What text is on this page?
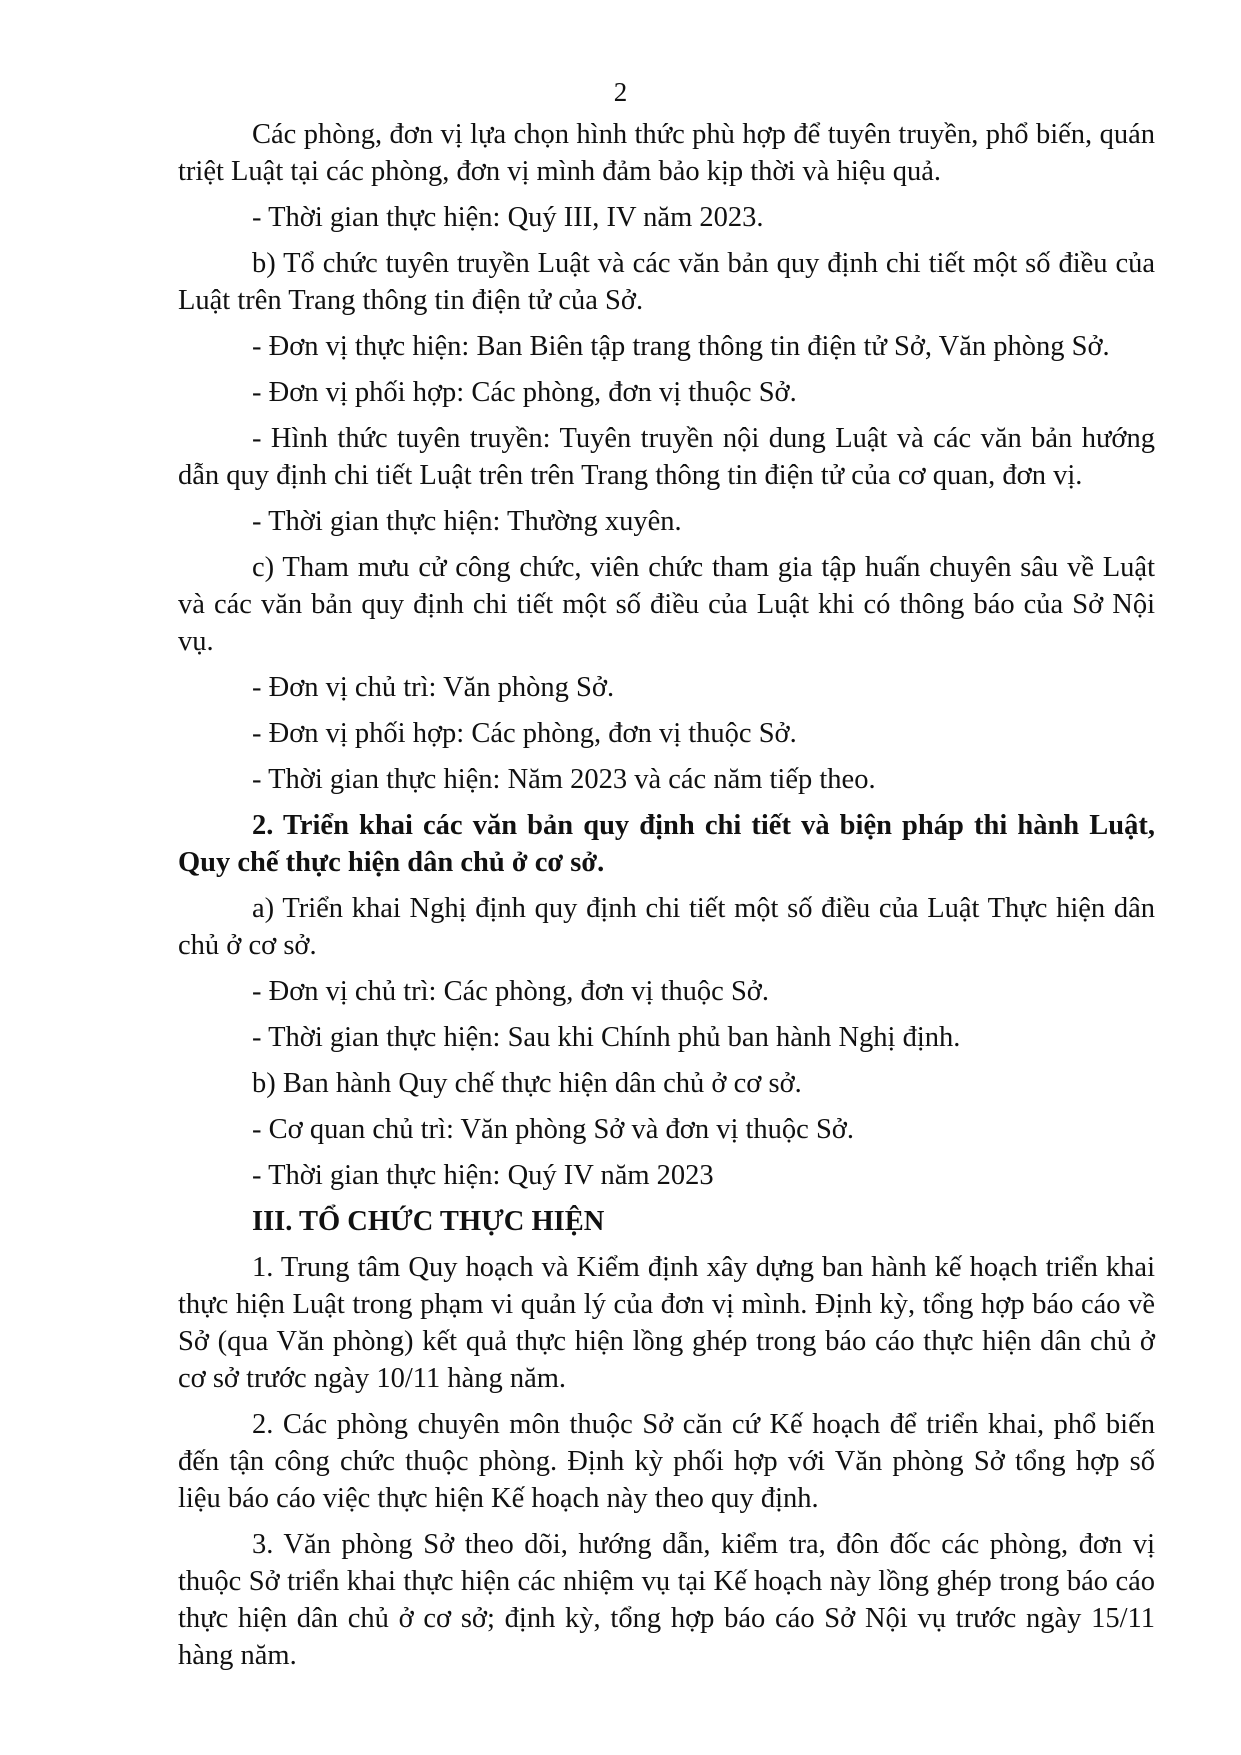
2

Các phòng, đơn vị lựa chọn hình thức phù hợp để tuyên truyền, phổ biến, quán triệt Luật tại các phòng, đơn vị mình đảm bảo kịp thời và hiệu quả.

- Thời gian thực hiện: Quý III, IV năm 2023.

b) Tổ chức tuyên truyền Luật và các văn bản quy định chi tiết một số điều của Luật trên Trang thông tin điện tử của Sở.

- Đơn vị thực hiện: Ban Biên tập trang thông tin điện tử Sở, Văn phòng Sở.

- Đơn vị phối hợp: Các phòng, đơn vị thuộc Sở.

- Hình thức tuyên truyền: Tuyên truyền nội dung Luật và các văn bản hướng dẫn quy định chi tiết Luật trên trên Trang thông tin điện tử của cơ quan, đơn vị.

- Thời gian thực hiện: Thường xuyên.

c) Tham mưu cử công chức, viên chức tham gia tập huấn chuyên sâu về Luật và các văn bản quy định chi tiết một số điều của Luật khi có thông báo của Sở Nội vụ.

- Đơn vị chủ trì: Văn phòng Sở.

- Đơn vị phối hợp: Các phòng, đơn vị thuộc Sở.

- Thời gian thực hiện: Năm 2023 và các năm tiếp theo.

2. Triển khai các văn bản quy định chi tiết và biện pháp thi hành Luật, Quy chế thực hiện dân chủ ở cơ sở.

a) Triển khai Nghị định quy định chi tiết một số điều của Luật Thực hiện dân chủ ở cơ sở.

- Đơn vị chủ trì: Các phòng, đơn vị thuộc Sở.

- Thời gian thực hiện: Sau khi Chính phủ ban hành Nghị định.

b) Ban hành Quy chế thực hiện dân chủ ở cơ sở.

- Cơ quan chủ trì: Văn phòng Sở và đơn vị thuộc Sở.

- Thời gian thực hiện: Quý IV năm 2023

III. TỔ CHỨC THỰC HIỆN

1. Trung tâm Quy hoạch và Kiểm định xây dựng ban hành kế hoạch triển khai thực hiện Luật trong phạm vi quản lý của đơn vị mình. Định kỳ, tổng hợp báo cáo về Sở (qua Văn phòng) kết quả thực hiện lồng ghép trong báo cáo thực hiện dân chủ ở cơ sở trước ngày 10/11 hàng năm.

2. Các phòng chuyên môn thuộc Sở căn cứ Kế hoạch để triển khai, phổ biến đến tận công chức thuộc phòng. Định kỳ phối hợp với Văn phòng Sở tổng hợp số liệu báo cáo việc thực hiện Kế hoạch này theo quy định.

3. Văn phòng Sở theo dõi, hướng dẫn, kiểm tra, đôn đốc các phòng, đơn vị thuộc Sở triển khai thực hiện các nhiệm vụ tại Kế hoạch này lồng ghép trong báo cáo thực hiện dân chủ ở cơ sở; định kỳ, tổng hợp báo cáo Sở Nội vụ trước ngày 15/11 hàng năm.
